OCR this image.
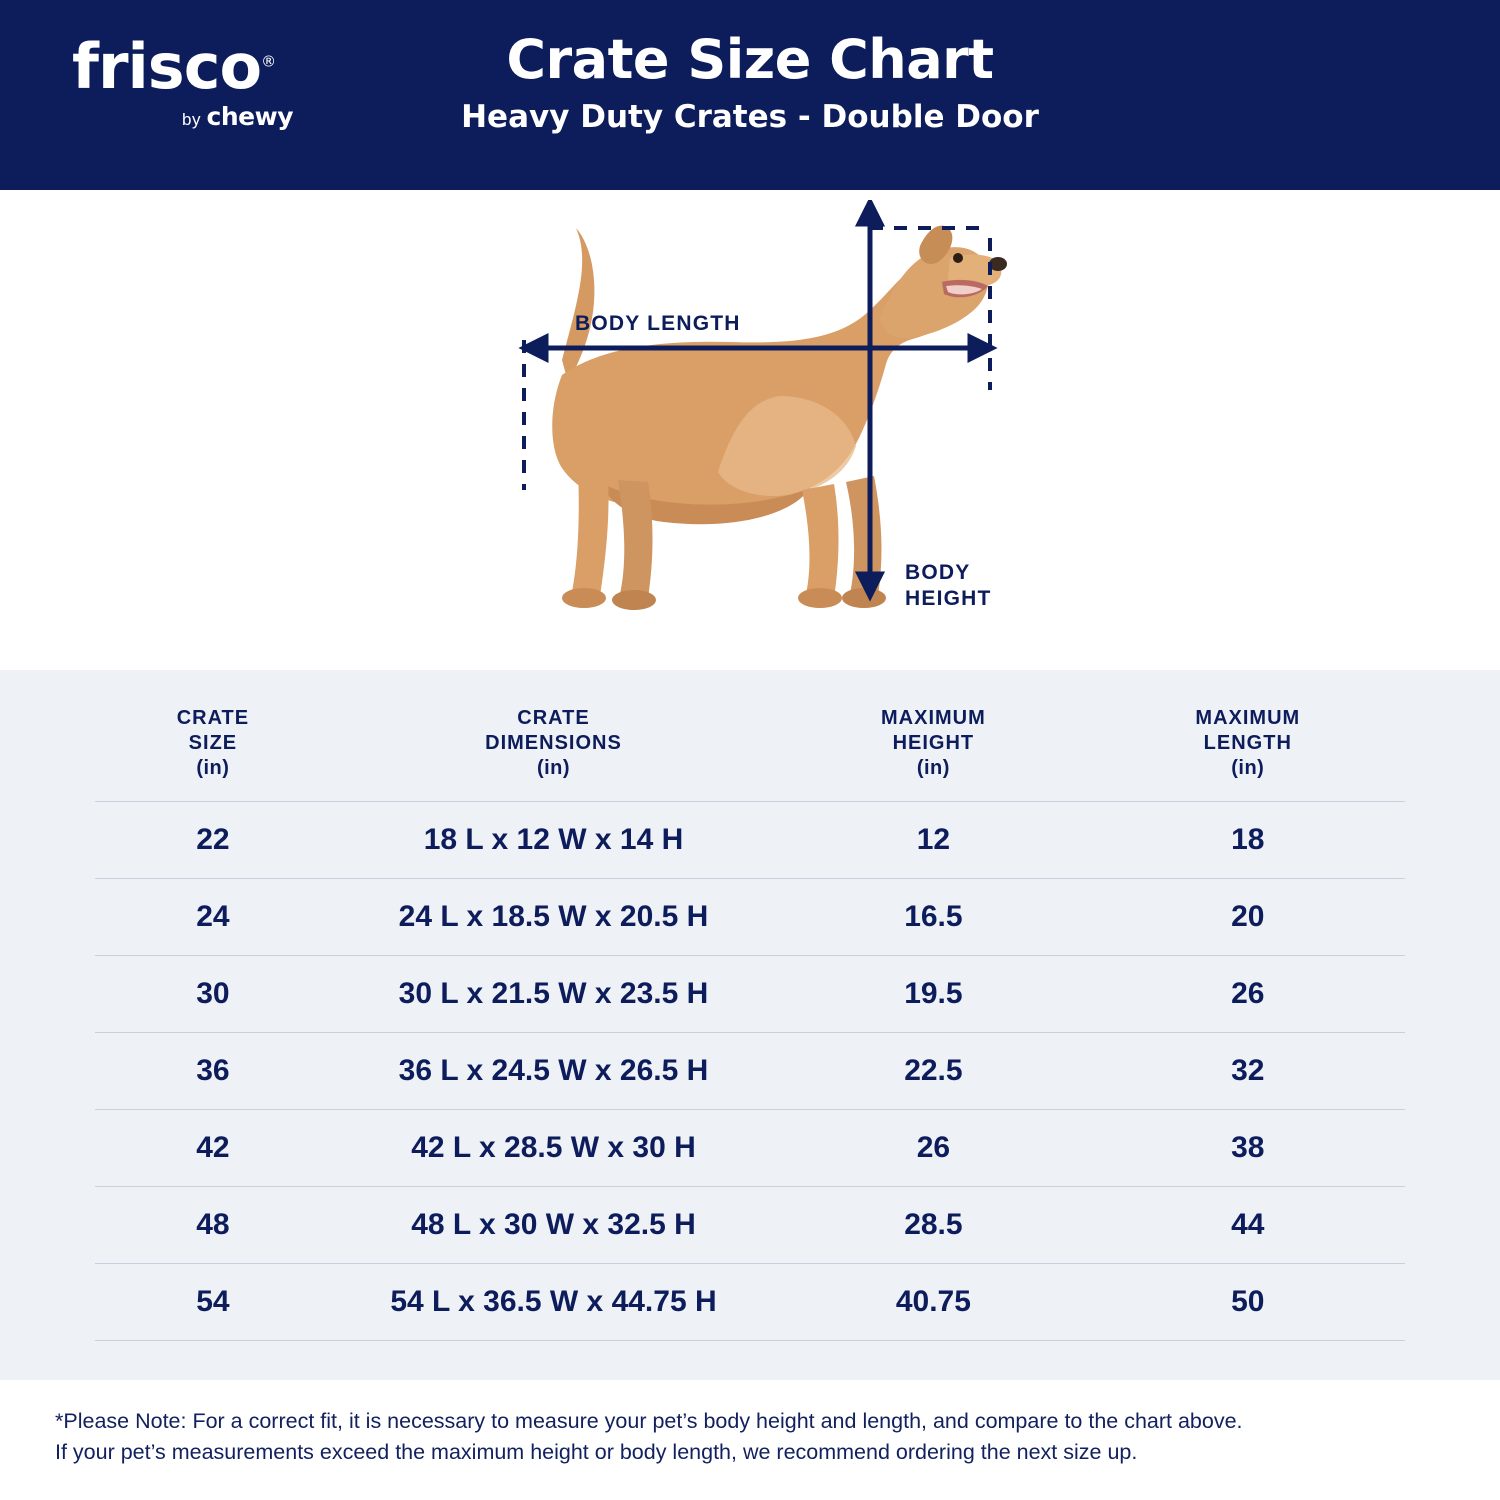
frisco®
by chewy
Crate Size Chart
Heavy Duty Crates - Double Door
BODY LENGTH
BODY
HEIGHT
CRATE
SIZE
(in)	CRATE
DIMENSIONS
(in)	MAXIMUM
HEIGHT
(in)	MAXIMUM
LENGTH
(in)

22	18 L x 12 W x 14 H	12	18
24	24 L x 18.5 W x 20.5 H	16.5	20
30	30 L x 21.5 W x 23.5 H	19.5	26
36	36 L x 24.5 W x 26.5 H	22.5	32
42	42 L x 28.5 W x 30 H	26	38
48	48 L x 30 W x 32.5 H	28.5	44
54	54 L x 36.5 W x 44.75 H	40.75	50
*Please Note: For a correct fit, it is necessary to measure your pet’s body height and length, and compare to the chart above.
If your pet’s measurements exceed the maximum height or body length, we recommend ordering the next size up.
